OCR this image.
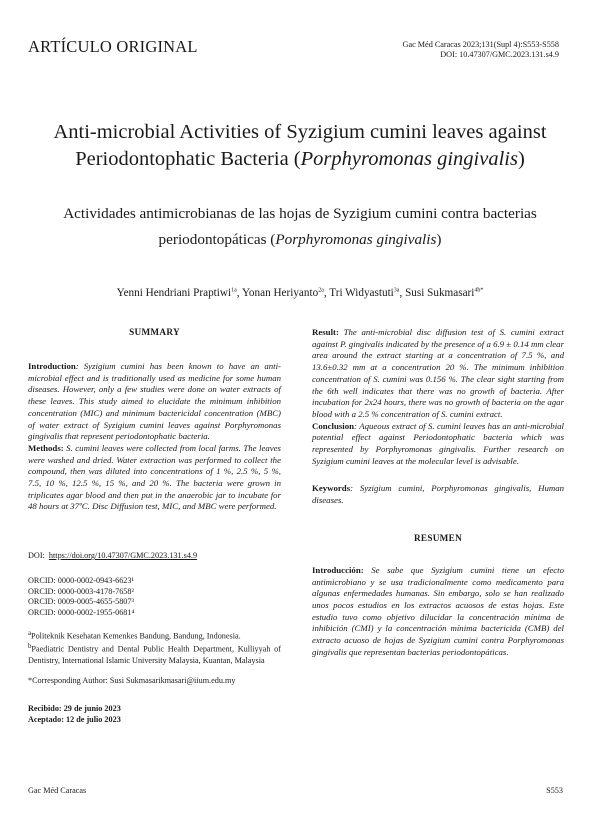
ARTÍCULO ORIGINAL	Gac Méd Caracas 2023;131(Supl 4):S553-S558
DOI: 10.47307/GMC.2023.131.s4.9
Anti-microbial Activities of Syzigium cumini leaves against Periodontophatic Bacteria (Porphyromonas gingivalis)
Actividades antimicrobianas de las hojas de Syzigium cumini contra bacterias periodontopáticas (Porphyromonas gingivalis)
Yenni Hendriani Praptiwi$^{1a}$, Yonan Heriyanto$^{2a}$, Tri Widyastuti$^{3a}$, Susi Sukmasari$^{4b*}$
SUMMARY

Introduction: Syzigium cumini has been known to have an anti-microbial effect and is traditionally used as medicine for some human diseases. However, only a few studies were done on water extracts of these leaves. This study aimed to elucidate the minimum inhibition concentration (MIC) and minimum bactericidal concentration (MBC) of water extract of Syzigium cumini leaves against Porphyromonas gingivalis that represent periodontophatic bacteria.

Methods: S. cumini leaves were collected from local farms. The leaves were washed and dried. Water extraction was performed to collect the compound, then was diluted into concentrations of 1 %, 2.5 %, 5 %, 7.5, 10 %, 12.5 %, 15 %, and 20 %. The bacteria were grown in triplicates agar blood and then put in the anaerobic jar to incubate for 48 hours at 37ºC. Disc Diffusion test, MIC, and MBC were performed.

DOI: https://doi.org/10.47307/GMC.2023.131.s4.9
ORCID: 0000-0002-0943-6623¹
ORCID: 0000-0003-4178-7658²
ORCID: 0009-0005-4655-5807³
ORCID: 0000-0002-1955-0681⁴
$^a$Politeknik Kesehatan Kemenkes Bandung, Bandung, Indonesia.
$^b$Paediatric Dentistry and Dental Public Health Department, Kulliyyah of Dentistry, International Islamic University Malaysia, Kuantan, Malaysia
*Corresponding Author: Susi Sukmasarikmasari@iium.edu.my
Recibido: 29 de junio 2023
Aceptado: 12 de julio 2023

Result: The anti-microbial disc diffusion test of S. cumini extract against P. gingivalis indicated by the presence of a 6.9 ± 0.14 mm clear area around the extract starting at a concentration of 7.5 %, and 13.6±0.32 mm at a concentration 20 %. The minimum inhibition concentration of S. cumini was 0.156 %. The clear sight starting from the 6th well indicates that there was no growth of bacteria. After incubation for 2x24 hours, there was no growth of bacteria on the agar blood with a 2.5 % concentration of S. cumini extract.

Conclusion: Aqueous extract of S. cumini leaves has an anti-microbial potential effect against Periodontophatic bacteria which was represented by Porphyromonas gingivalis. Further research on Syzigium cumini leaves at the molecular level is advisable.

Keywords: Syzigium cumini, Porphyromonas gingivalis, Human diseases.

RESUMEN

Introducción: Se sabe que Syzigium cumini tiene un efecto antimicrobiano y se usa tradicionalmente como medicamento para algunas enfermedades humanas. Sin embargo, solo se han realizado unos pocos estudios en los extractos acuosos de estas hojas. Este estudio tuvo como objetivo dilucidar la concentración mínima de inhibición (CMI) y la concentración mínima bactericida (CMB) del extracto acuoso de hojas de Syzigium cumini contra Porphyromonas gingivalis que representan bacterias periodontopáticas.

Gac Méd Caracas	S553
